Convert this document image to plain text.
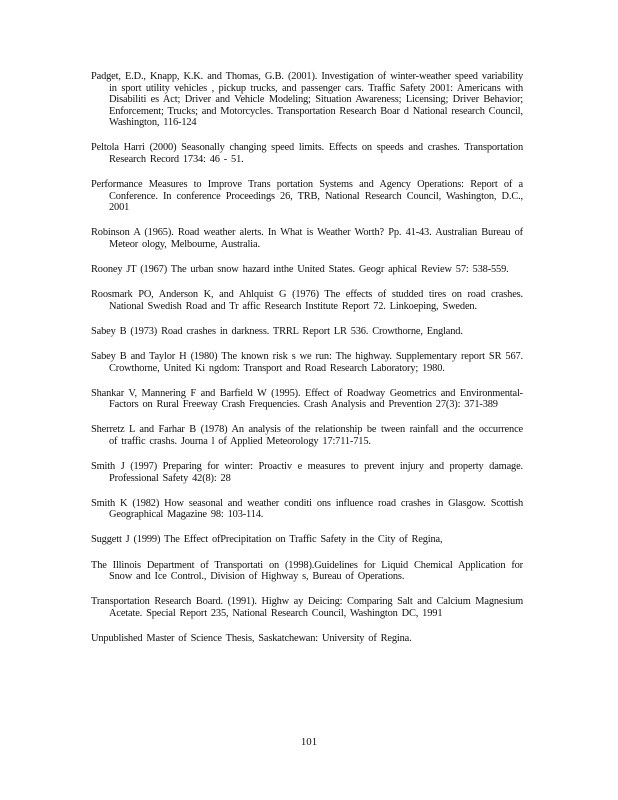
Padget, E.D., Knapp, K.K. and Thomas, G.B. (2001). Investigation of winter-weather speed variability in sport utility vehicles , pickup trucks, and passenger cars. Traffic Safety 2001: Americans with Disabiliti es Act; Driver and Vehicle Modeling; Situation Awareness; Licensing; Driver Behavior; Enforcement; Trucks; and Motorcycles. Transportation Research Boar d National research Council, Washington, 116-124

Peltola Harri (2000) Seasonally changing speed limits. Effects on speeds and crashes. Transportation Research Record 1734: 46 - 51.

Performance Measures to Improve Trans portation Systems and Agency Operations: Report of a Conference. In conference Proceedings 26, TRB, National Research Council, Washington, D.C., 2001

Robinson A (1965). Road weather alerts. In What is Weather Worth? Pp. 41-43. Australian Bureau of Meteor ology, Melbourne, Australia.

Rooney JT (1967) The urban snow hazard inthe United States. Geogr aphical Review 57: 538-559.

Roosmark PO, Anderson K, and Ahlquist G (1976) The effects of studded tires on road crashes. National Swedish Road and Tr affic Research Institute Report 72. Linkoeping, Sweden.

Sabey B (1973) Road crashes in darkness. TRRL Report LR 536. Crowthorne, England.

Sabey B and Taylor H (1980) The known risk s we run: The highway. Supplementary report SR 567. Crowthorne, United Ki ngdom: Transport and Road Research Laboratory; 1980.

Shankar V, Mannering F and Barfield W (1995). Effect of Roadway Geometrics and Environmental-Factors on Rural Freeway Crash Frequencies. Crash Analysis and Prevention 27(3): 371-389

Sherretz L and Farhar B (1978) An analysis of the relationship be tween rainfall and the occurrence of traffic crashs. Journa l of Applied Meteorology 17:711-715.

Smith J (1997) Preparing for winter: Proactiv e measures to prevent injury and property damage. Professional Safety 42(8): 28

Smith K (1982) How seasonal and weather conditi ons influence road crashes in Glasgow. Scottish Geographical Magazine 98: 103-114.

Suggett J (1999) The Effect ofPrecipitation on Traffic Safety in the City of Regina,

The Illinois Department of Transportati on (1998).Guidelines for Liquid Chemical Application for Snow and Ice Control., Division of Highway s, Bureau of Operations.

Transportation Research Board. (1991). Highw ay Deicing: Comparing Salt and Calcium Magnesium Acetate. Special Report 235, National Research Council, Washington DC, 1991

Unpublished Master of Science Thesis, Saskatchewan: University of Regina.

101
